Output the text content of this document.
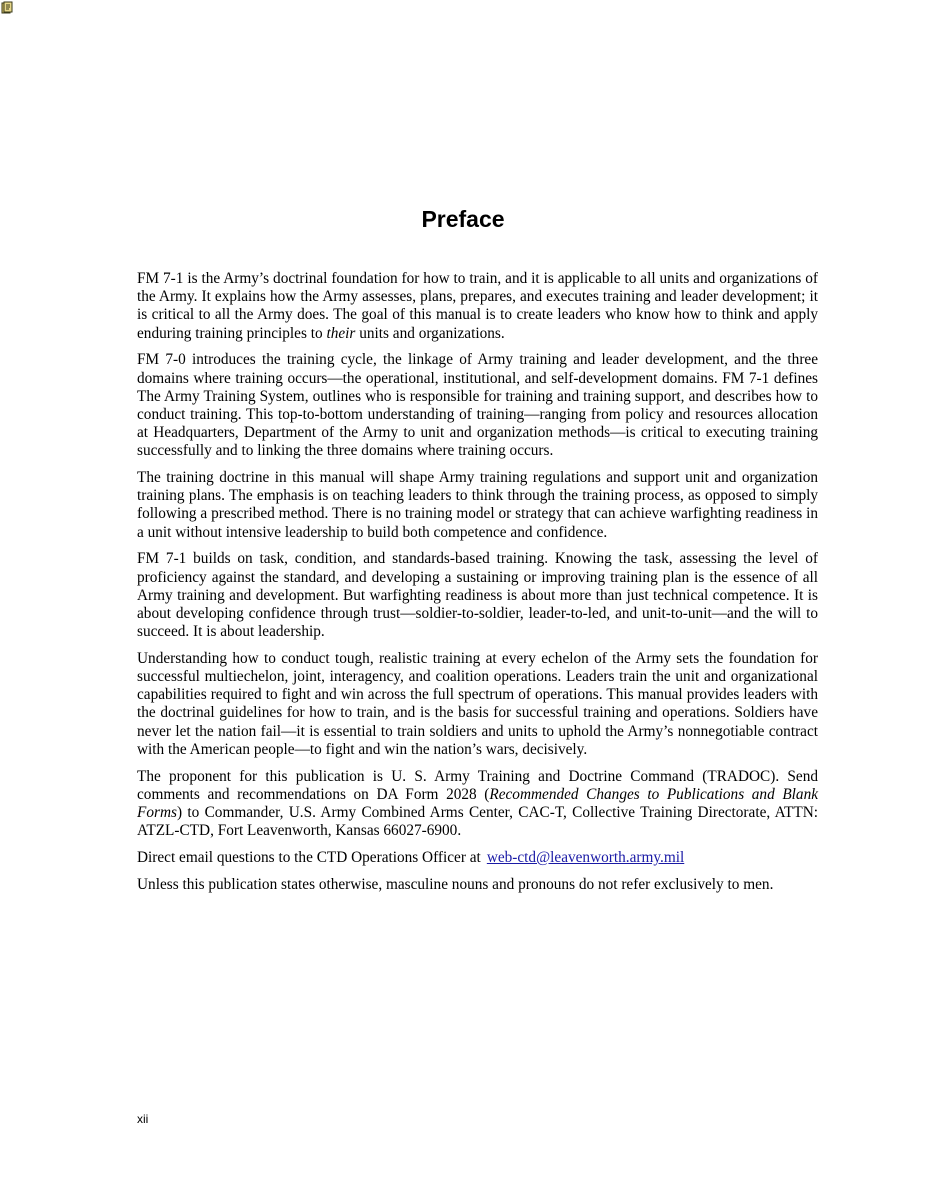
Preface

FM 7-1 is the Army’s doctrinal foundation for how to train, and it is applicable to all units and organizations of the Army. It explains how the Army assesses, plans, prepares, and executes training and leader development; it is critical to all the Army does. The goal of this manual is to create leaders who know how to think and apply enduring training principles to their units and organizations.

FM 7-0 introduces the training cycle, the linkage of Army training and leader development, and the three domains where training occurs—the operational, institutional, and self-development domains. FM 7-1 defines The Army Training System, outlines who is responsible for training and training support, and describes how to conduct training. This top-to-bottom understanding of training—ranging from policy and resources allocation at Headquarters, Department of the Army to unit and organization methods—is critical to executing training successfully and to linking the three domains where training occurs.

The training doctrine in this manual will shape Army training regulations and support unit and organization training plans. The emphasis is on teaching leaders to think through the training process, as opposed to simply following a prescribed method. There is no training model or strategy that can achieve warfighting readiness in a unit without intensive leadership to build both competence and confidence.

FM 7-1 builds on task, condition, and standards-based training. Knowing the task, assessing the level of proficiency against the standard, and developing a sustaining or improving training plan is the essence of all Army training and development. But warfighting readiness is about more than just technical competence. It is about developing confidence through trust—soldier-to-soldier, leader-to-led, and unit-to-unit—and the will to succeed. It is about leadership.

Understanding how to conduct tough, realistic training at every echelon of the Army sets the foundation for successful multiechelon, joint, interagency, and coalition operations. Leaders train the unit and organizational capabilities required to fight and win across the full spectrum of operations. This manual provides leaders with the doctrinal guidelines for how to train, and is the basis for successful training and operations. Soldiers have never let the nation fail—it is essential to train soldiers and units to uphold the Army’s nonnegotiable contract with the American people—to fight and win the nation’s wars, decisively.

The proponent for this publication is U. S. Army Training and Doctrine Command (TRADOC). Send comments and recommendations on DA Form 2028 (Recommended Changes to Publications and Blank Forms) to Commander, U.S. Army Combined Arms Center, CAC-T, Collective Training Directorate, ATTN: ATZL-CTD, Fort Leavenworth, Kansas 66027-6900.

Direct email questions to the CTD Operations Officer at web-ctd@leavenworth.army.mil

Unless this publication states otherwise, masculine nouns and pronouns do not refer exclusively to men.

xii
